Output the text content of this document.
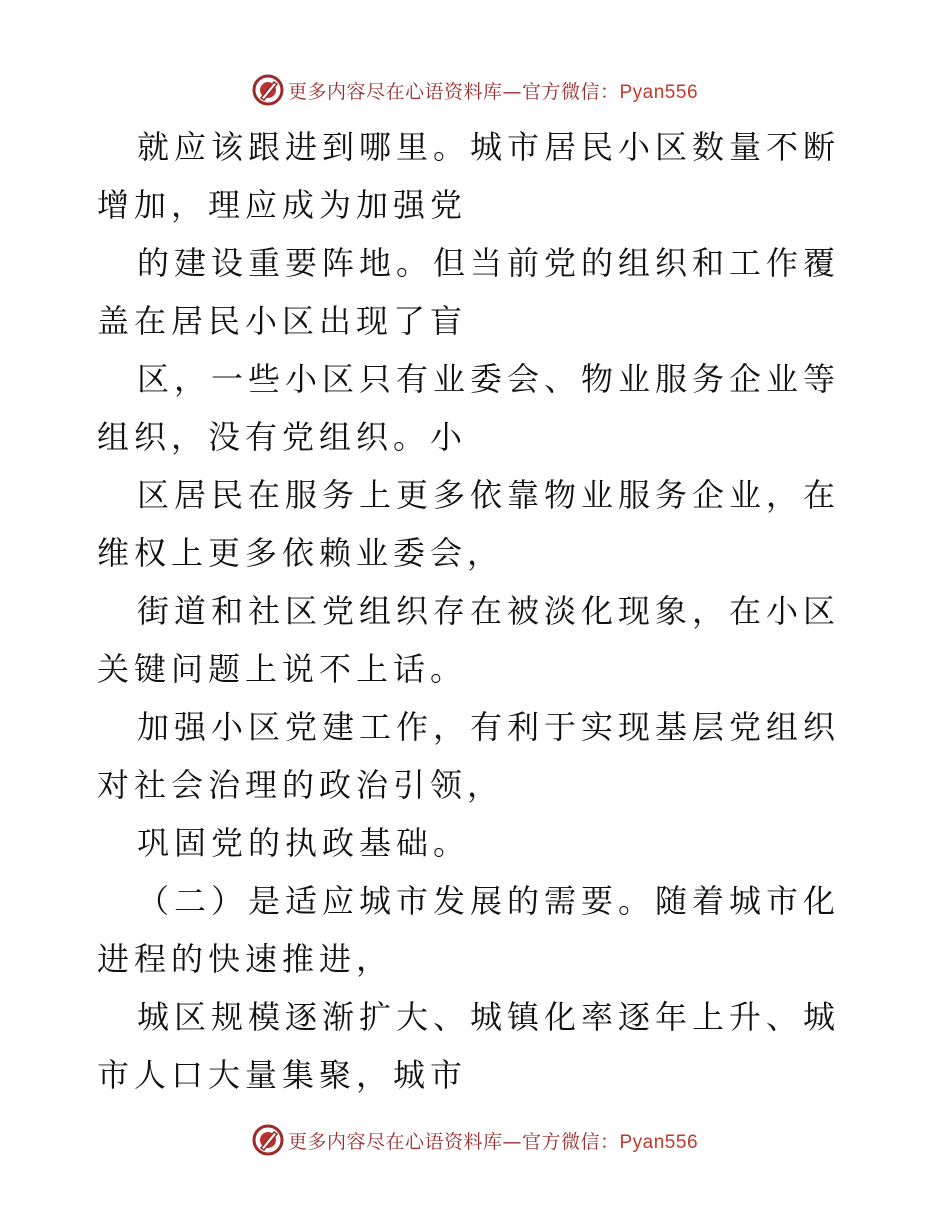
更多内容尽在心语资料库—官方微信：Pyan556

就应该跟进到哪里。城市居民小区数量不断增加，理应成为加强党

的建设重要阵地。但当前党的组织和工作覆盖在居民小区出现了盲

区，一些小区只有业委会、物业服务企业等组织，没有党组织。小

区居民在服务上更多依靠物业服务企业，在维权上更多依赖业委会，

街道和社区党组织存在被淡化现象，在小区关键问题上说不上话。

加强小区党建工作，有利于实现基层党组织对社会治理的政治引领，

巩固党的执政基础。

（二）是适应城市发展的需要。随着城市化进程的快速推进，

城区规模逐渐扩大、城镇化率逐年上升、城市人口大量集聚，城市

更多内容尽在心语资料库—官方微信：Pyan556
